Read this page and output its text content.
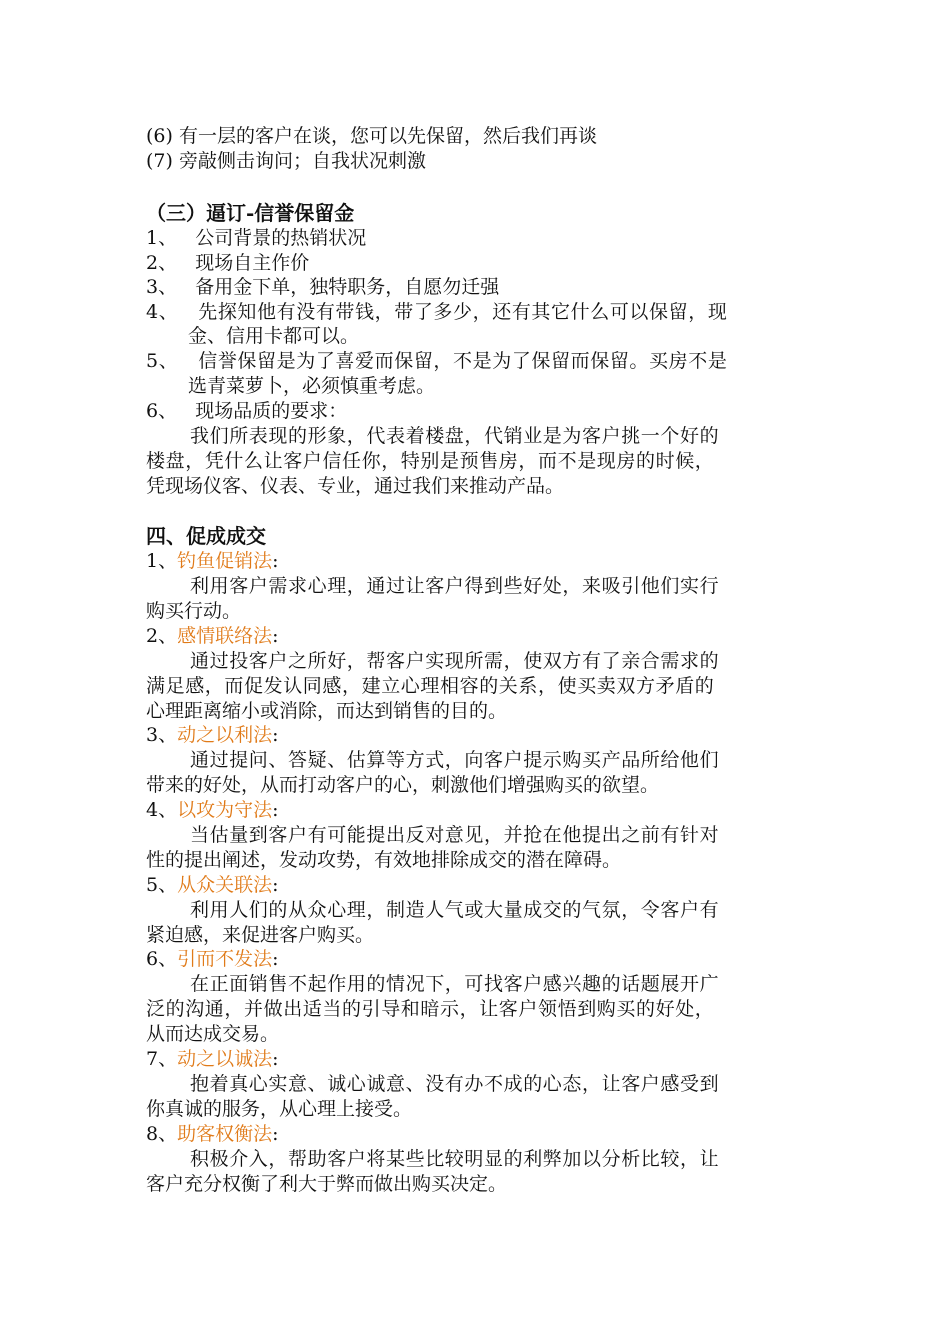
(6) 有一层的客户在谈，您可以先保留，然后我们再谈
(7) 旁敲侧击询问；自我状况刺激
（三）逼订-信誉保留金
1、 公司背景的热销状况
2、 现场自主作价
3、 备用金下单，独特职务，自愿勿迁强
4、 先探知他有没有带钱，带了多少，还有其它什么可以保留，现
金、信用卡都可以。
5、 信誉保留是为了喜爱而保留，不是为了保留而保留。买房不是
选青菜萝卜，必须慎重考虑。
6、 现场品质的要求：
我们所表现的形象，代表着楼盘，代销业是为客户挑一个好的
楼盘，凭什么让客户信任你，特别是预售房，而不是现房的时候，
凭现场仪客、仪表、专业，通过我们来推动产品。
四、促成成交
1、钓鱼促销法:
利用客户需求心理，通过让客户得到些好处，来吸引他们实行
购买行动。
2、感情联络法:
通过投客户之所好，帮客户实现所需，使双方有了亲合需求的
满足感，而促发认同感，建立心理相容的关系，使买卖双方矛盾的
心理距离缩小或消除，而达到销售的目的。
3、动之以利法:
通过提问、答疑、估算等方式，向客户提示购买产品所给他们
带来的好处，从而打动客户的心，刺激他们增强购买的欲望。
4、以攻为守法:
当估量到客户有可能提出反对意见，并抢在他提出之前有针对
性的提出阐述，发动攻势，有效地排除成交的潜在障碍。
5、从众关联法:
利用人们的从众心理，制造人气或大量成交的气氛，令客户有
紧迫感，来促进客户购买。
6、引而不发法:
在正面销售不起作用的情况下，可找客户感兴趣的话题展开广
泛的沟通，并做出适当的引导和暗示，让客户领悟到购买的好处，
从而达成交易。
7、动之以诚法:
抱着真心实意、诚心诚意、没有办不成的心态，让客户感受到
你真诚的服务，从心理上接受。
8、助客权衡法:
积极介入，帮助客户将某些比较明显的利弊加以分析比较，让
客户充分权衡了利大于弊而做出购买决定。
